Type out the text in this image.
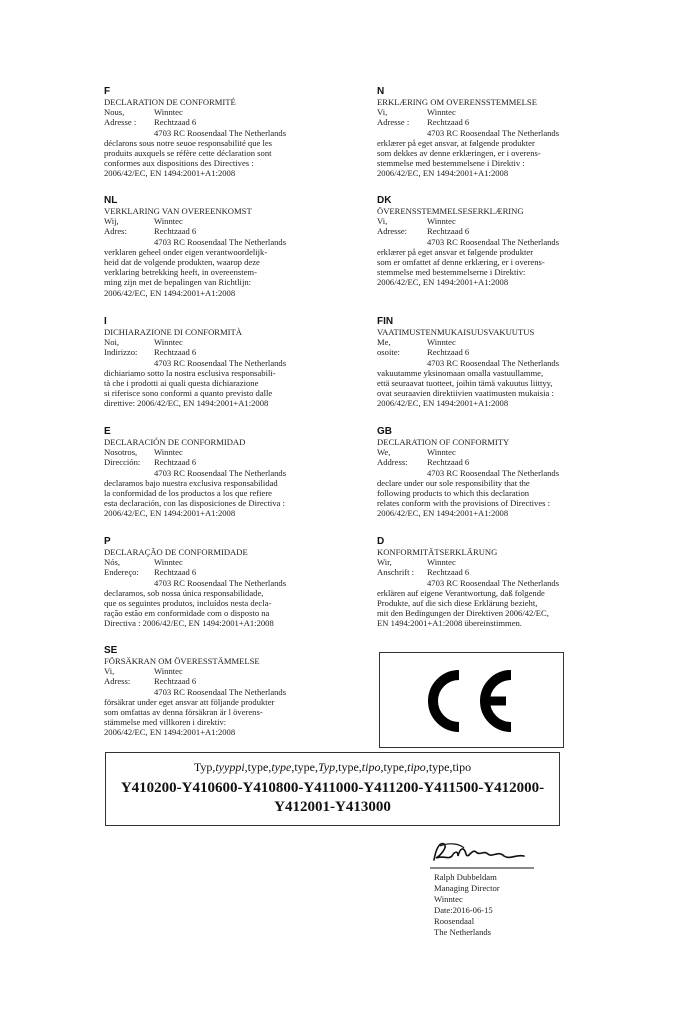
F
DECLARATION DE CONFORMITÉ
Nous,	Winntec
Adresse :	Rechtzaad 6
4703 RC Roosendaal The Netherlands
déclarons sous notre seuoe responsabilité que les
produits auxquels se réfère cette déclaration sont
conformes aux dispositions des Directives :
2006/42/EC, EN 1494:2001+A1:2008
NL
VERKLARING VAN OVEREENKOMST
Wij,	Winntec
Adres:	Rechtzaad 6
4703 RC Roosendaal The Netherlands
verklaren geheel onder eigen verantwoordelijk-
heid dat de volgende produkten, waarop deze
verklaring betrekking heeft, in overeenstem-
ming zijn met de bepalingen van Richtlijn:
2006/42/EC, EN 1494:2001+A1:2008
I
DICHIARAZIONE DI CONFORMITÀ
Noi,	Winntec
Indirizzo:	Rechtzaad 6
4703 RC Roosendaal The Netherlands
dichiariamo sotto la nostra esclusiva responsabili-
tà che i prodotti ai quali questa dichiarazione
si riferisce sono conformi a quanto previsto dalle
direttive: 2006/42/EC, EN 1494:2001+A1:2008
E
DECLARACIÓN DE CONFORMIDAD
Nosotros,	Winntec
Dirección:	Rechtzaad 6
4703 RC Roosendaal The Netherlands
declaramos bajo nuestra exclusiva responsabilidad
la conformidad de los productos a los que refiere
esta declaración, con las disposiciones de Directiva :
2006/42/EC, EN 1494:2001+A1:2008
P
DECLARAÇÃO DE CONFORMIDADE
Nós,	Winntec
Endereço:	Rechtzaad 6
4703 RC Roosendaal The Netherlands
declaramos, sob nossa única responsabilidade,
que os seguintes produtos, incluídos nesta decla-
ração estão em conformidade com o disposto na
Directiva : 2006/42/EC, EN 1494:2001+A1:2008
SE
FÖRSÄKRAN OM ÖVERESSTÄMMELSE
Vi,	Winntec
Adress:	Rechtzaad 6
4703 RC Roosendaal The Netherlands
försäkrar under eget ansvar att följande produkter
som omfattas av denna försäkran är l överens-
stämmelse med villkoren i direktiv:
2006/42/EC, EN 1494:2001+A1:2008
N
ERKLÆRING OM OVERENSSTEMMELSE
Vi,	Winntec
Adresse :	Rechtzaad 6
4703 RC Roosendaal The Netherlands
erklærer på eget ansvar, at følgende produkter
som dekkes av denne erklæringen, er i overens-
stemmelse med bestemmelsene i Direktiv :
2006/42/EC, EN 1494:2001+A1:2008
DK
ÖVERENSSTEMMELSESERKLÆRING
Vi,	Winntec
Adresse:	Rechtzaad 6
4703 RC Roosendaal The Netherlands
erklærer på eget ansvar et følgende produkter
som er omfattet af denne erklæring, er i overens-
stemmelse med bestemmelserne i Direktiv:
2006/42/EC, EN 1494:2001+A1:2008
FIN
VAATIMUSTENMUKAISUUSVAKUUTUS
Me,	Winntec
osoite:	Rechtzaad 6
4703 RC Roosendaal The Netherlands
vakuutamme yksinomaan omalla vastuullamme,
että seuraavat tuotteet, joihin tämä vakuutus liittyy,
ovat seuraavien direktiivien vaatimusten mukaisia :
2006/42/EC, EN 1494:2001+A1:2008
GB
DECLARATION OF CONFORMITY
We,	Winntec
Address:	Rechtzaad 6
4703 RC Roosendaal The Netherlands
declare under our sole responsibility that the
following products to which this declaration
relates conform with the provisions of Directives :
2006/42/EC, EN 1494:2001+A1:2008
D
KONFORMITÄTSERKLÄRUNG
Wir,	Winntec
Anschrift :	Rechtzaad 6
4703 RC Roosendaal The Netherlands
erklären auf eigene Verantwortung, daß folgende
Produkte, auf die sich diese Erklärung bezieht,
mit den Bedingungen der Direktiven 2006/42/EC,
EN 1494:2001+A1:2008 übereinstimmen.
Typ,tyyppi,type,type,type,Typ,type,tipo,type,tipo,type,tipo
Y410200-Y410600-Y410800-Y411000-Y411200-Y411500-Y412000-
Y412001-Y413000
Ralph Dubbeldam
Managing Director
Winntec
Date:2016-06-15
Roosendaal
The Netherlands
